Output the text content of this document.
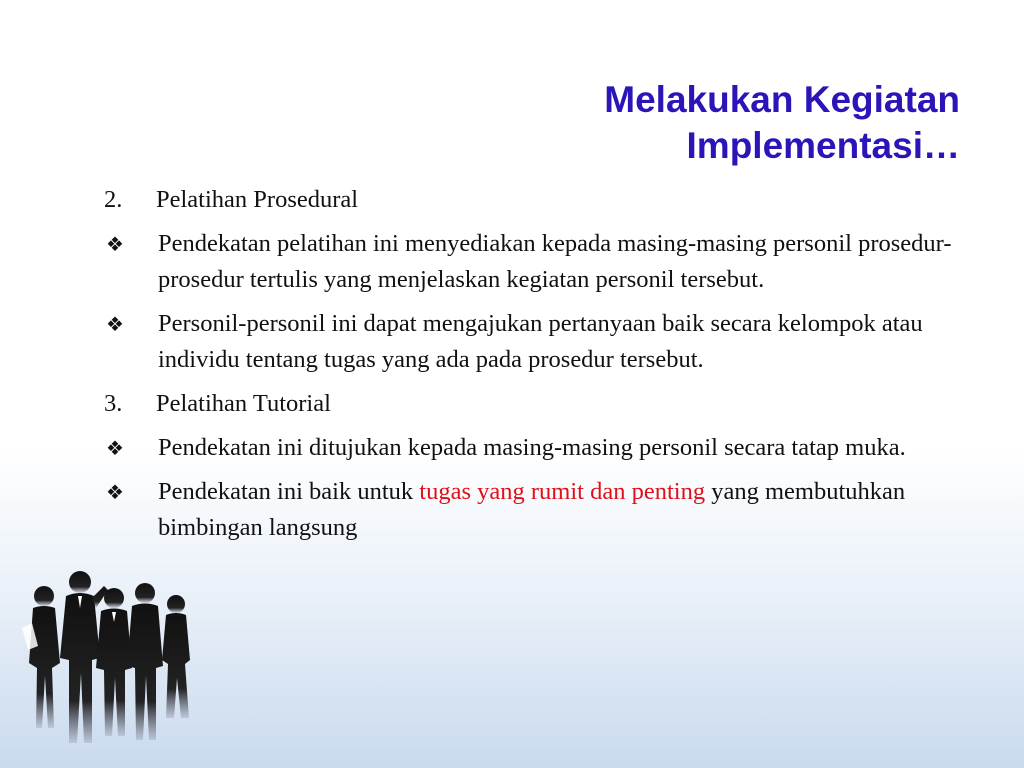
Melakukan Kegiatan
Implementasi…
2.	Pelatihan Prosedural
❖	Pendekatan pelatihan ini menyediakan kepada masing-masing personil prosedur-prosedur tertulis yang menjelaskan kegiatan personil tersebut.
❖	Personil-personil ini dapat mengajukan pertanyaan baik secara kelompok atau individu tentang tugas yang ada pada prosedur tersebut.
3.	Pelatihan Tutorial
❖	Pendekatan ini ditujukan kepada masing-masing personil secara tatap muka.
❖	Pendekatan ini baik untuk tugas yang rumit dan penting yang membutuhkan bimbingan langsung
